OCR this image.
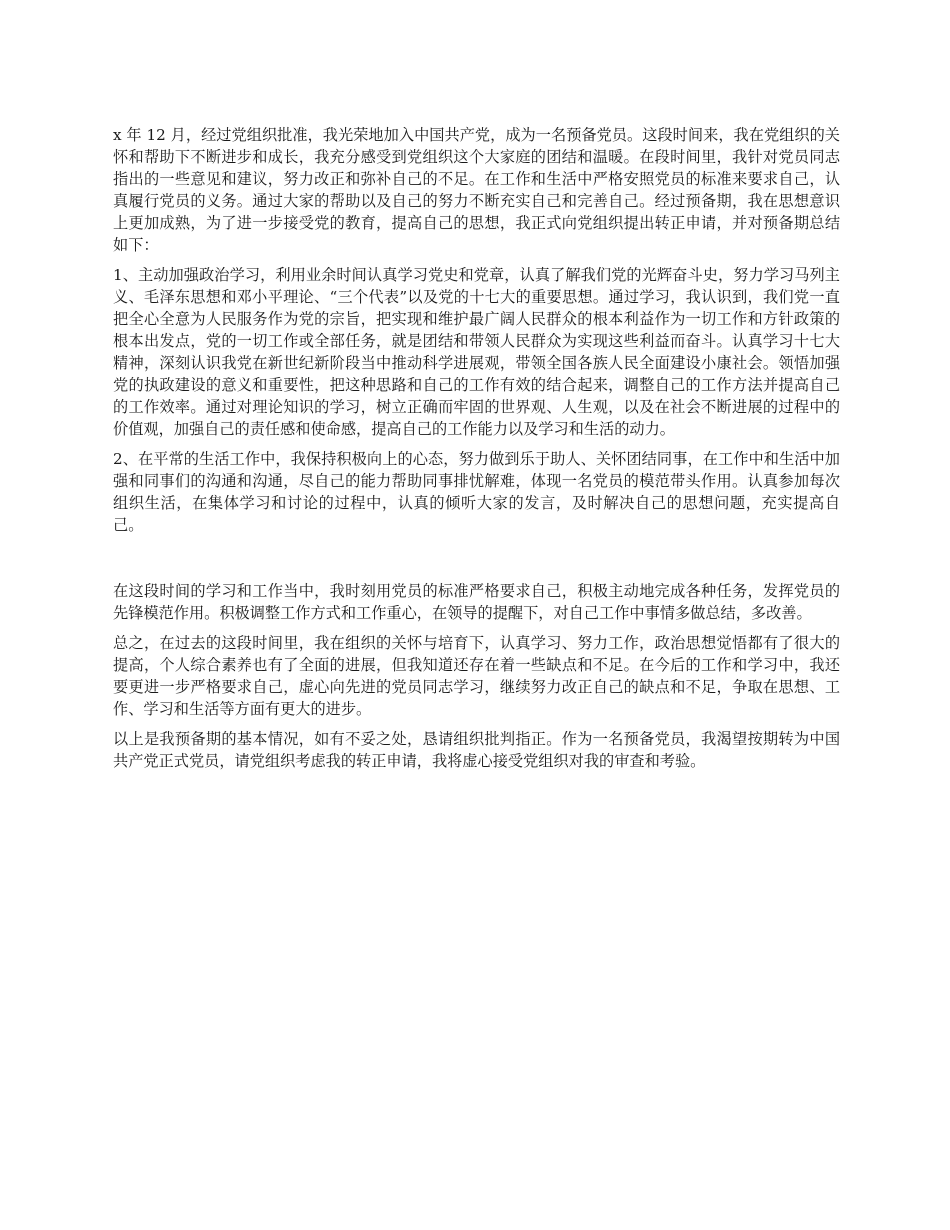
x 年 12 月，经过党组织批准，我光荣地加入中国共产党，成为一名预备党员。这段时间来，我在党组织的关怀和帮助下不断进步和成长，我充分感受到党组织这个大家庭的团结和温暖。在段时间里，我针对党员同志指出的一些意见和建议，努力改正和弥补自己的不足。在工作和生活中严格安照党员的标准来要求自己，认真履行党员的义务。通过大家的帮助以及自己的努力不断充实自己和完善自己。经过预备期，我在思想意识上更加成熟，为了进一步接受党的教育，提高自己的思想，我正式向党组织提出转正申请，并对预备期总结如下：

1、主动加强政治学习，利用业余时间认真学习党史和党章，认真了解我们党的光辉奋斗史，努力学习马列主义、毛泽东思想和邓小平理论、“三个代表”以及党的十七大的重要思想。通过学习，我认识到，我们党一直把全心全意为人民服务作为党的宗旨，把实现和维护最广阔人民群众的根本利益作为一切工作和方针政策的根本出发点，党的一切工作或全部任务，就是团结和带领人民群众为实现这些利益而奋斗。认真学习十七大精神，深刻认识我党在新世纪新阶段当中推动科学进展观，带领全国各族人民全面建设小康社会。领悟加强党的执政建设的意义和重要性，把这种思路和自己的工作有效的结合起来，调整自己的工作方法并提高自己的工作效率。通过对理论知识的学习，树立正确而牢固的世界观、人生观，以及在社会不断进展的过程中的价值观，加强自己的责任感和使命感，提高自己的工作能力以及学习和生活的动力。

2、在平常的生活工作中，我保持积极向上的心态，努力做到乐于助人、关怀团结同事，在工作中和生活中加强和同事们的沟通和沟通，尽自己的能力帮助同事排忧解难，体现一名党员的模范带头作用。认真参加每次组织生活，在集体学习和讨论的过程中，认真的倾听大家的发言，及时解决自己的思想问题，充实提高自己。

在这段时间的学习和工作当中，我时刻用党员的标准严格要求自己，积极主动地完成各种任务，发挥党员的先锋模范作用。积极调整工作方式和工作重心，在领导的提醒下，对自己工作中事情多做总结，多改善。

总之，在过去的这段时间里，我在组织的关怀与培育下，认真学习、努力工作，政治思想觉悟都有了很大的提高，个人综合素养也有了全面的进展，但我知道还存在着一些缺点和不足。在今后的工作和学习中，我还要更进一步严格要求自己，虚心向先进的党员同志学习，继续努力改正自己的缺点和不足，争取在思想、工作、学习和生活等方面有更大的进步。

以上是我预备期的基本情况，如有不妥之处，恳请组织批判指正。作为一名预备党员，我渴望按期转为中国共产党正式党员，请党组织考虑我的转正申请，我将虚心接受党组织对我的审查和考验。
